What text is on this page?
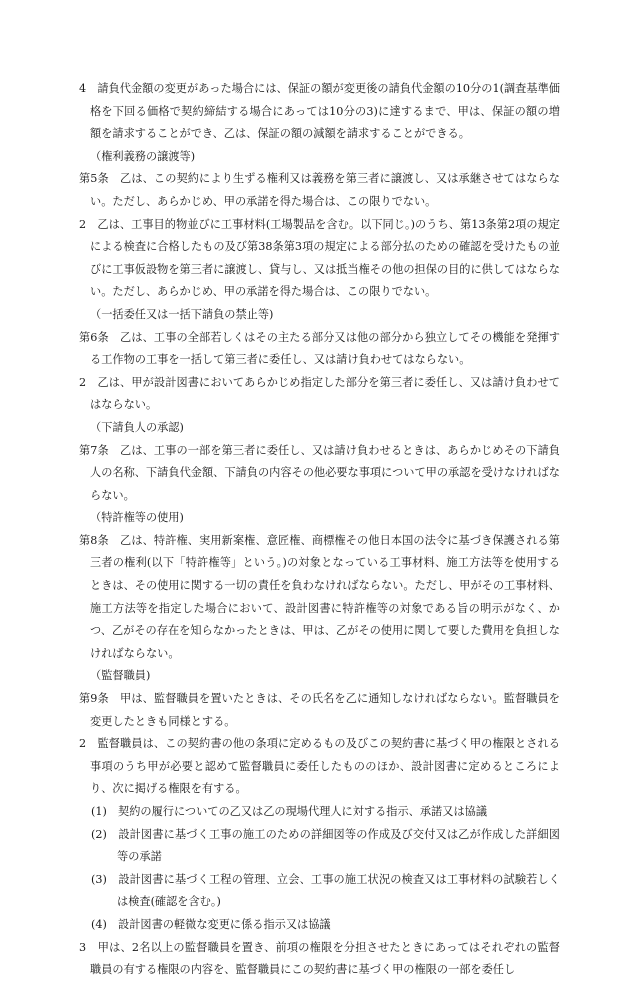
4　請負代金額の変更があった場合には、保証の額が変更後の請負代金額の10分の1(調査基準価格を下回る価格で契約締結する場合にあっては10分の3)に達するまで、甲は、保証の額の増額を請求することができ、乙は、保証の額の減額を請求することができる。

（権利義務の譲渡等)

第5条　乙は、この契約により生ずる権利又は義務を第三者に譲渡し、又は承継させてはならない。ただし、あらかじめ、甲の承諾を得た場合は、この限りでない。

2　乙は、工事目的物並びに工事材料(工場製品を含む。以下同じ。)のうち、第13条第2項の規定による検査に合格したもの及び第38条第3項の規定による部分払のための確認を受けたもの並びに工事仮設物を第三者に譲渡し、貸与し、又は抵当権その他の担保の目的に供してはならない。ただし、あらかじめ、甲の承諾を得た場合は、この限りでない。

（一括委任又は一括下請負の禁止等)

第6条　乙は、工事の全部若しくはその主たる部分又は他の部分から独立してその機能を発揮する工作物の工事を一括して第三者に委任し、又は請け負わせてはならない。

2　乙は、甲が設計図書においてあらかじめ指定した部分を第三者に委任し、又は請け負わせてはならない。

（下請負人の承認)

第7条　乙は、工事の一部を第三者に委任し、又は請け負わせるときは、あらかじめその下請負人の名称、下請負代金額、下請負の内容その他必要な事項について甲の承認を受けなければならない。

（特許権等の使用)

第8条　乙は、特許権、実用新案権、意匠権、商標権その他日本国の法令に基づき保護される第三者の権利(以下「特許権等」という。)の対象となっている工事材料、施工方法等を使用するときは、その使用に関する一切の責任を負わなければならない。ただし、甲がその工事材料、施工方法等を指定した場合において、設計図書に特許権等の対象である旨の明示がなく、かつ、乙がその存在を知らなかったときは、甲は、乙がその使用に関して要した費用を負担しなければならない。

（監督職員)

第9条　甲は、監督職員を置いたときは、その氏名を乙に通知しなければならない。監督職員を変更したときも同様とする。

2　監督職員は、この契約書の他の条項に定めるもの及びこの契約書に基づく甲の権限とされる事項のうち甲が必要と認めて監督職員に委任したもののほか、設計図書に定めるところにより、次に掲げる権限を有する。

(1)　契約の履行についての乙又は乙の現場代理人に対する指示、承諾又は協議

(2)　設計図書に基づく工事の施工のための詳細図等の作成及び交付又は乙が作成した詳細図等の承諾

(3)　設計図書に基づく工程の管理、立会、工事の施工状況の検査又は工事材料の試験若しくは検査(確認を含む。)

(4)　設計図書の軽微な変更に係る指示又は協議

3　甲は、2名以上の監督職員を置き、前項の権限を分担させたときにあってはそれぞれの監督職員の有する権限の内容を、監督職員にこの契約書に基づく甲の権限の一部を委任し
